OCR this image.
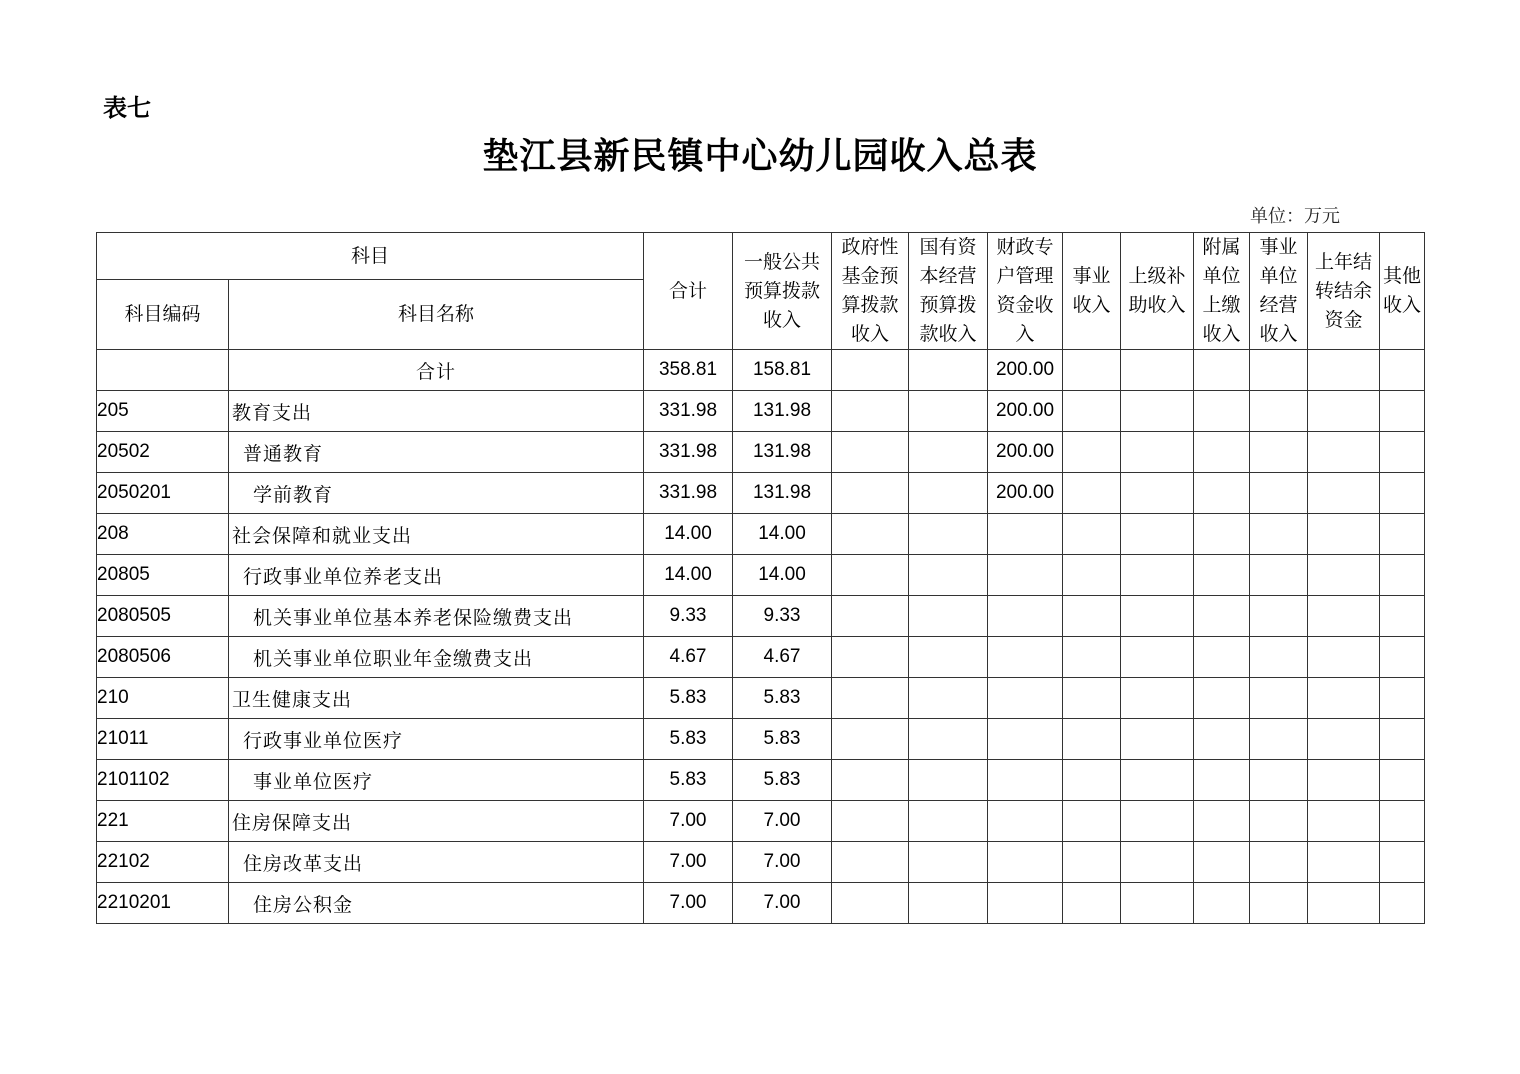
表七
垫江县新民镇中心幼儿园收入总表
单位：万元
科目		合计	一般公共
预算拨款
收入	政府性
基金预
算拨款
收入	国有资
本经营
预算拨
款收入	财政专
户管理
资金收
入	事业
收入	上级补
助收入	附属
单位
上缴
收入	事业
单位
经营
收入	上年结
转结余
资金	其他
收入
科目编码	科目名称											
	合计	358.81	158.81			200.00						
205	教育支出	331.98	131.98			200.00						
20502	普通教育	331.98	131.98			200.00						
2050201	学前教育	331.98	131.98			200.00						
208	社会保障和就业支出	14.00	14.00									
20805	行政事业单位养老支出	14.00	14.00									
2080505	机关事业单位基本养老保险缴费支出	9.33	9.33									
2080506	机关事业单位职业年金缴费支出	4.67	4.67									
210	卫生健康支出	5.83	5.83									
21011	行政事业单位医疗	5.83	5.83									
2101102	事业单位医疗	5.83	5.83									
221	住房保障支出	7.00	7.00									
22102	住房改革支出	7.00	7.00									
2210201	住房公积金	7.00	7.00									
